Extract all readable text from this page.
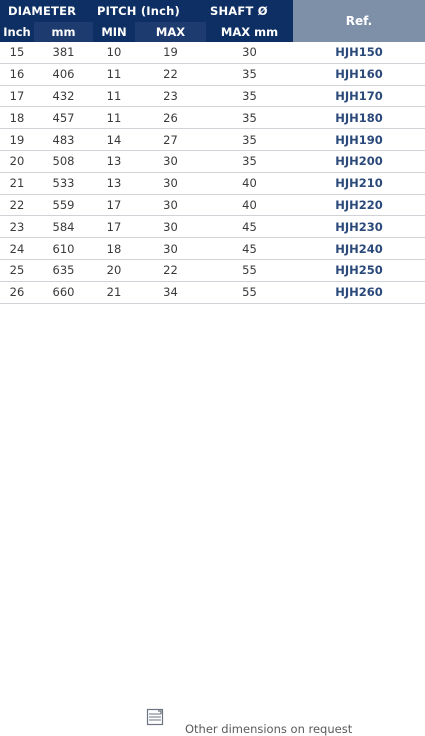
DIAMETER	PITCH (Inch)	SHAFT Ø
Ref.
Inch	mm	MIN	MAX	MAX mm
15	381	10	19	30	HJH150
16	406	11	22	35	HJH160
17	432	11	23	35	HJH170
18	457	11	26	35	HJH180
19	483	14	27	35	HJH190
20	508	13	30	35	HJH200
21	533	13	30	40	HJH210
22	559	17	30	40	HJH220
23	584	17	30	45	HJH230
24	610	18	30	45	HJH240
25	635	20	22	55	HJH250
26	660	21	34	55	HJH260
Other dimensions on request
